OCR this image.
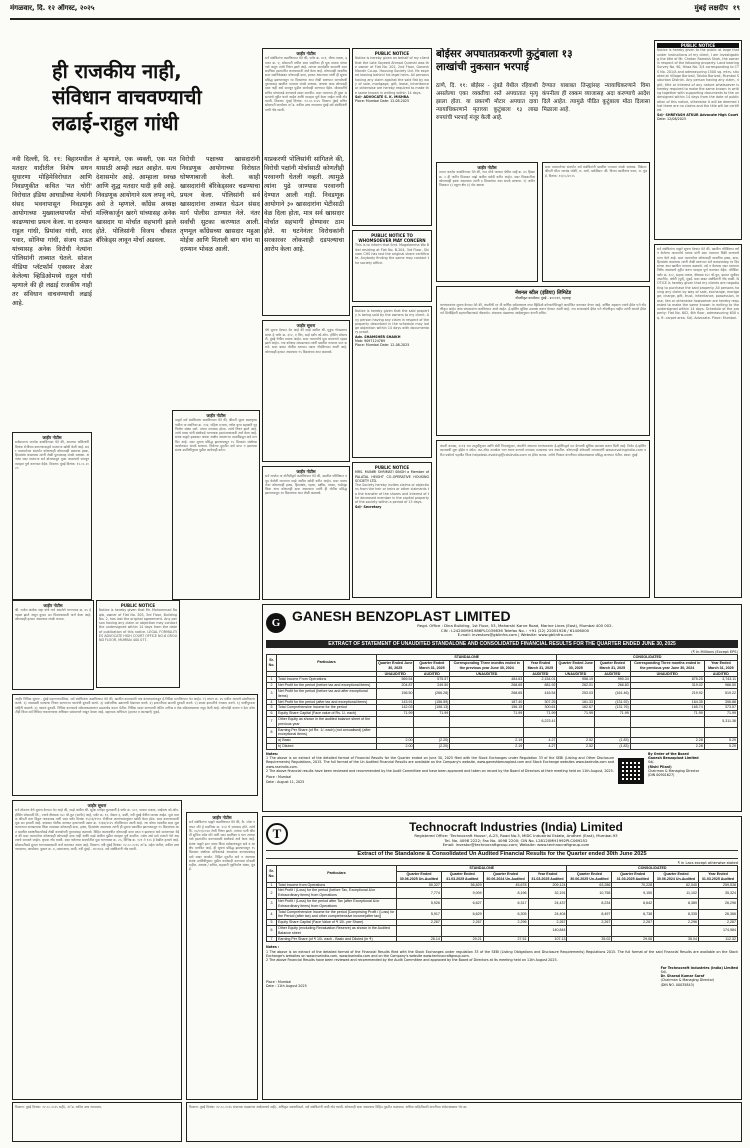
मंगळवार, दि. १२ ऑगस्ट, २०२५	मुंबई लक्षदीप १९
ही राजकीय नाही,
संविधान वाचवण्याची
लढाई-राहुल गांधी
नवी दिल्ली, दि. ११: बिहारमधील मतदार यादीतील विशेष सघन सुधारणा मोहिमेविरोधात आणि निवडणुकीत कथित 'मत चोरी' विरोधात इंडिया आघाडीच्या नेत्यांनी संसद भवनापासून निवडणूक आयोगाच्या मुख्यालयापर्यंत मोर्चा काढण्याचा प्रयत्न केला. या दरम्यान राहुल गांधी, प्रियांका गांधी, शरद पवार, सोनिया गांधी, संजय राऊत यांच्यासह अनेक विरोधी नेत्यांना पोलिसांनी ताब्यात घेतले. सोशल मीडिया प्लॅटफॉर्म एक्सवर शेअर केलेल्या व्हिडिओमध्ये राहुल गांधी म्हणाले की ही लढाई राजकीय नाही तर संविधान वाचवण्याची लढाई आहे.
ते म्हणाले, एक व्यक्ती, एक मत यासाठी आम्ही लढत आहोत. सत्य देशासमोर आहे. आम्हाला स्वच्छ आणि शुद्ध मतदार यादी हवी आहे. निवडणूक आयोगाने सत्य लपवू नये, असे ते म्हणाले. काँग्रेस अध्यक्ष मल्लिकार्जुन खरगे यांच्यासह अनेक खासदार या मोर्चात सहभागी झाले होते. पोलिसांनी विजय चौकात बॅरिकेड्स लावून मोर्चा अडवला.
विरोधी पक्षाच्या खासदारांनी निवडणूक आयोगाच्या विरोधात घोषणाबाजी केली. काही खासदारांनी बॅरिकेड्सवर चढण्याचा प्रयत्न केला. पोलिसांनी सर्व खासदारांना ताब्यात घेऊन संसद मार्ग पोलीस ठाण्यात नेले. नंतर सर्वांची सुटका करण्यात आली. तृणमूल काँग्रेसच्या खासदार महुआ मोईत्रा आणि मिताली बाग यांना या दरम्यान भोवळ आली.
याप्रकरणी पोलिसांनी सांगितले की, विरोधी पक्षांनी मोर्चासाठी कोणतीही परवानगी घेतली नव्हती. त्यामुळे त्यांना पुढे जाण्यास परवानगी देण्यात आली नाही. निवडणूक आयोगाने ३० खासदारांना भेटीसाठी वेळ दिला होता, मात्र सर्व खासदार मोर्चात सहभागी होण्यावर ठाम होते. या घटनेनंतर विरोधकांनी सरकारवर लोकशाही दडपल्याचा आरोप केला आहे.
जाहीर नोटीस
सर्व संबंधितांना कळविण्यात येते की, फ्लॅट क्र. ४०१, चौथा मजला, इमारत क्र. ए, सोसायटी मधील सदर सदनिका ही मूळ मालक यांच्या नावे असून त्यांचे निधन झाले आहे. त्यांच्या कायदेशीर वारसांनी सदर सदनिका हस्तांतरित करण्यासाठी अर्ज केला आहे. कोणत्याही व्यक्तीस सदर सदनिकेबाबत कोणताही दावा, हरकत असल्यास त्यांनी ही सूचना प्रसिद्ध झाल्यापासून १४ दिवसांच्या आत लेखी स्वरूपात कागदोपत्री पुराव्यासह खालील पत्त्यावर संपर्क साधावा. अन्यथा असा कोणताही दावा नाही असे समजून पुढील कार्यवाही करण्यात येईल. सोसायटीचे सचिव यांच्याकडे कागदपत्रे सादर करावीत. सदर मालमत्ता ही मुक्त असल्याचे गृहीत धरले जाईल आणि व्यवहार पूर्ण केला जाईल याची नोंद घ्यावी. ठिकाण: मुंबई दिनांक: १२.०८.२०२५ ठिकाण मुंबई सचिव सोसायटी कार्यालय अॅड. वकील उच्च न्यायालय मुंबई सर्व संबंधितांनी याची नोंद घ्यावी.
जाहीर सूचना
येथे सूचना देण्यात येत आहे की माझे अशील श्री. मुकुंद गोपाळराव बापट हे फ्लॅट क्र. ३०२, ए विंग, साई दर्शन को-ऑप. हौसिंग सोसायटी, मुंबई येथील मालक आहेत. सदर मालमत्तेचे मूळ करारनामे गहाळ झाले आहेत. ज्या कोणास सापडल्यास त्यांनी खालील पत्त्यावर परत करावे. सदर बाबत पोलीस ठाण्यात तक्रार नोंदविण्यात आली आहे. कोणासही हरकत असल्यास १५ दिवसांच्या आत कळवावे.
जाहीर नोटीस
सर्व जनतेस या नोटीसीद्वारे कळविण्यात येते की, खालील परिशिष्टात नमूद केलेली मालमत्ता माझे अशील खरेदी करीत आहेत. सदर मालमत्तेवर कोणाचाही हक्क, हितसंबंध, गहाण, बक्षीस, वारसा, भाडेपट्टा किंवा अन्य कोणताही दावा असल्यास त्यांनी ही नोटीस प्रसिद्ध झाल्यापासून १४ दिवसांच्या आत लेखी कळवावे.
जाहीर नोटीस
याद्वारे सर्व संबंधितांना कळविण्यात येते की, श्रीमती सुमन बाळकृष्ण पाटील या सदनिका क्र. १०४, पहिला मजला, गणेश कृपा सहकारी गृहनिर्माण संस्था मर्या. यांच्या सभासद होत्या. त्यांचे निधन झाले आहे. त्यांचे वारस यांनी संस्थेकडे भागपत्रक हस्तांतरणासाठी अर्ज केला आहे. संस्था याद्वारे हक्कदार अथवा आक्षेप असणाऱ्या व्यक्तींकडून दावे मागवित आहे. सदर सूचना प्रसिद्ध झाल्यापासून १५ दिवसांत संस्थेच्या कार्यालयात संपर्क साधावा. दिलेल्या मुदतीत दावे प्राप्त न झाल्यास संस्था उपविधीनुसार पुढील कार्यवाही करेल.
PUBLIC NOTICE
Notice is hereby given that Mr. Mohammad Raqib, owner of Flat No. 305, 3rd Floor, Building No. 2, has lost the original agreement. Any person having any claim or objection may contact the undersigned within 14 days from the date of publication of this notice. LEGAL FORMALITIES ADVOCATE HIGH COURT OFFICE NO.6 GROUND FLOOR, MUMBAI 400 077.
जाहीर नोटीस
सर्वसामान्य जनतेस कळविण्यात येते की, आमच्या अशिलांनी दिनांक रोजीच्या करारनाम्याद्वारे मालमत्ता खरेदी केली आहे. सदर मालमत्तेच्या संदर्भात कोणाचाही कोणत्याही प्रकारचा हक्क, हितसंबंध असल्यास त्यांनी लेखी पुराव्यासह संपर्क साधावा. अन्यथा सदर मालमत्ता सर्व बोजापासून मुक्त असल्याचे समजून व्यवहार पूर्ण करण्यात येईल. ठिकाण: मुंबई दिनांक: १२.०८.२०२५
जाहीर नोटीस
श्री. राजेश अशोक शहा यांचे नावे असलेले भागपत्रक क्र. ४५ हे गहाळ झाले असून दुय्यम प्रत मिळण्यासाठी अर्ज केला आहे. कोणासही हरकत असल्यास संपर्क करावा.
PUBLIC NOTICE
Notice is hereby given on behalf of my client that the Late Sayeed Ahmad Qureshi was the owner of Flat No. 201, 2nd Floor, Ganesh Mandir Co-op. Housing Society Ltd. He expired leaving behind his legal heirs. All persons having any claim against the said flat by way of sale, mortgage, gift, lease, inheritance or otherwise are hereby required to make the same known in writing within 14 days.
Sd/- ADVOCATE S. K. MISHRA
Place: Mumbai Date: 12.08.2025
PUBLIC NOTICE TO WHOMSOEVER MAY CONCERN
This is to inform that Smt. Mogalamma Wo Bikel residing at Flat No. B-204, 3rd Floor, Shivam CHS has lost the original share certificate. Anybody finding the same may contact the society office.
Notice is hereby given that the said property is being sold by the owners to my client. Any person having any claim in respect of the property described in the schedule may lodge objection within 14 days with documentary proof.
Adv. SHAMSHER SHAIKH
Mob: 9097124769
Place: Mumbai Date: 12-08-2025
PUBLIC NOTICE
MRS. MUNMI SHRIMATI SINGH a Member of PALATAL HEIGHT CO-OPERATIVE HOUSING SOCIETY LTD.
The Society hereby invites claims or objections from the heir or heirs or other claimants to the transfer of the shares and interest of the deceased member in the capital property of the society within a period of 15 days.
Sd/- Secretary
बोईसर अपघातप्रकरणी कुटुंबाला १३
लाखांची नुकसान भरपाई
ठाणे, दि. ११: बोईसर - तुंबडे येथील रहिवाशी असलेल्या एका व्यक्तीचा रस्ते अपघातात मृत्यू झाला होता. या प्रकरणी मोटार अपघात दावा न्यायाधिकरणाने मृताच्या कुटुंबाला १३ लाख रुपयांची भरपाई मंजूर केली आहे.
देण्यात याबाबत तिन्ह्यांसह न्यायाधिकरणाने विमा कंपनीला ही रक्कम व्याजासह अदा करण्याचे आदेश दिले आहेत. त्यामुळे पीडित कुटुंबाला मोठा दिलासा मिळाला आहे.
जाहीर नोटीस
तमाम जनतेस कळविण्यात येते की, गाव मौजे पालघर येथील सर्व्हे क्र. ४५ हिस्सा क्र. २ ही जमीन मिळकत माझे अशील खरेदी करीत आहेत. सदर मिळकतीवर कोणाचाही हक्क असल्यास त्यांनी ७ दिवसांच्या आत संपर्क साधावा. १) जमीन मिळकत २) एकूण क्षेत्र ३) पोट खराबा
सदर मालमत्तेच्या संदर्भात सर्व संबंधितांनी खालील पत्त्यावर संपर्क साधावा. विक्रेता: श्रीमती सीता रामचंद्र जोशी, रा. ठाणे. खरेदीदार: श्री. विजय काशीनाथ पवार, रा. मुंबई. दिनांक: १२/०८/२०२५
नॅशनल स्टील (इंडिया) लिमिटेड
नोंदणीकृत कार्यालय: मुंबई - ४०००२१, महाराष्ट्र
भागधारकांना सूचना देण्यात येते की, कंपनीची ४१ वी वार्षिक सर्वसाधारण सभा व्हिडिओ कॉन्फरन्सिंगद्वारे आयोजित करण्यात येणार आहे. वार्षिक अहवाल ज्यांचे ईमेल पत्ते नोंदणीकृत आहेत अशा सभासदांना पाठविण्यात आले आहेत. ई-व्होटिंग सुविधा उपलब्ध करून देण्यात आली आहे. ज्या सभासदांचे ईमेल पत्ते नोंदणीकृत नाहीत त्यांनी आपले ईमेल पत्ते डिपॉझिटरी सहभागीदाराकडे नोंदवावेत. संचालक मंडळाच्या आदेशानुसार कंपनी सचिव.
कंपनी कायदा, २०१३ च्या तरतुदींनुसार आणि सेबी नियमांनुसार, कंपनीने आपल्या भागधारकांना ई-व्होटिंगद्वारे मत देण्याची सुविधा उपलब्ध करून दिली आहे. रिमोट ई-व्होटिंग कालावधी सुरू होईल व संपेल. कट-ऑफ तारखेला भाग धारण करणारे सभासद मतदानास पात्र असतील. कोणत्याही शंकेसाठी सभासदांनी www.evotingindia.com वरील प्रश्नोत्तरे पहावीत किंवा helpdesk.evoting@cdslindia.com वर ईमेल करावा. सभेचे निकाल कंपनीच्या संकेतस्थळावर प्रसिद्ध करण्यात येतील. स्थळ: मुंबई
PUBLIC NOTICE
Notice is hereby given to the public at large that under instructions of my client, I am investigating the title of Mr. Chetan Ramesh Shah, the owner in respect of the following property: Land bearing Survey No. 90, Hissa No. 3/4 corresponding to CTS No. 201/A and admeasuring 1500 sq. mtrs. situated at Village Borivali, Taluka Borivali, Mumbai Suburban District. Any person having any claim, right, title or interest of any nature whatsoever is hereby required to make the same known in writing together with supporting documents to the undersigned within 14 days from the date of publication of this notice, otherwise it will be deemed that there are no claims and the title will be certified.
Sd/- SHREYASH ATKUR Advocate High Court
Date: 12/08/2025
सर्व संबंधितांना याद्वारे सूचना देण्यात येते की, खालील परिशिष्टात वर्णन केलेल्या मालमत्तेचे मालक यांनी सदर मालमत्ता विक्री करण्याचे मान्य केले आहे. सदर मालमत्तेवर कोणत्याही व्यक्तीचा हक्क, दावा, हितसंबंध असल्यास त्यांनी लेखी स्वरूपात सर्व कागदपत्रांसह १४ दिवसांच्या आत खालील पत्त्यावर कळवावे. तसे न केल्यास सदर मालमत्ता निर्वेध असल्याचे गृहीत धरून व्यवहार पूर्ण करण्यात येईल. परिशिष्ट: फ्लॅट क्र. ६०२, सहावा मजला, क्षेत्रफळ ६५० चौ.फूट, इमारत सूर्योदय अपार्टमेंट, अंधेरी (पूर्व), मुंबई. सदर बाबत संबंधितांनी नोंद घ्यावी. NOTICE is hereby given that my clients are negotiating to purchase the said property. All persons having any claim by way of sale, exchange, mortgage, charge, gift, trust, inheritance, possession, lease, lien or otherwise howsoever are hereby requested to make the same known in writing to the undersigned within 14 days. Schedule of the property: Flat No. 602, 6th floor, admeasuring 650 sq. ft. carpet area. Sd/- Advocate. Place: Mumbai.
G GANESH BENZOPLAST LIMITED
Regd. Office : Dina Building, 1st Floor, 53, Maharshi Karve Road, Marine Lines (East), Mumbai 400 002.
CIN : L24200MH1986PLC039836 Telefax No. : +91 (22) 22001928 / 61406000
E-mail: investors@gblinfra.com | Website: www.gblinfra.com
EXTRACT OF STATEMENT OF UNAUDITED STANDALONE AND CONSOLIDATED FINANCIAL RESULTS FOR THE QUARTER ENDED JUNE 30, 2025
(₹ In Millions (Except EPS)
Sr. No.	Particulars	STANDALONE				CONSOLIDATED			
		Quarter Ended June 30, 2025	Quarter Ended March 31, 2025	Corresponding Three months ended in the previous year June 30, 2024	Year Ended March 31, 2025	Quarter Ended June 30, 2025	Quarter Ended March 31, 2025	Corresponding Three months ended in the previous year June 30, 2024	Year Ended March 31, 2025
		UNAUDITED	AUDITED	UNAUDITED	AUDITED	UNAUDITED	AUDITED	UNAUDITED	AUDITED
1	Total Income From Operations	569.54	575.57	484.63	2,154.01	956.19	990.34	875.25	3,743.11
2	Net Profit for the period (before tax and exceptional items)	204.87	249.50	268.65	881.92	262.01	266.83	319.02	966.50
3	Net Profit for the period (before tax and after exceptional items)	156.50	(266.28)	268.65	416.54	253.03	(161.46)	219.92	519.22
4	Net Profit for the period (after tax and exceptional items)	143.91	(156.59)	187.40	307.25	161.33	(131.92)	164.35	396.88
5	Total Comprehensive Income for the period	142.03	(158.13)	156.15	300.61	162.67	(131.76)	165.74	373.57
6	Equity Share Capital (Face value of Rs. 1/- each)	71.99	71.99	71.99	71.99	71.99	71.99	71.99	71.99
7	Other Equity as shown in the audited balance sheet of the previous year				6,223.41				5,311.36
8	Earning Per Share (of Re. 1/- each) (not annualised) (after exceptional items)								
	a) Basic	2.00	(2.20)	2.19	4.27	2.52	(1.83)	2.28	5.29
	b) Diluted	2.00	(2.20)	2.19	4.27	2.52	(1.83)	2.28	5.29
Notes:
1 The above is an extract of the detailed format of Financial Results for the Quarter ended on June 30, 2025 filed with the Stock Exchanges under Regulation 33 of the SEBI (Listing and Other Disclosure Requirements) Regulations, 2015. The full format of the Un Audited Financial Results are available on the Company's website, www.ganeshbenzoplast.com and Stock Exchange websites www.bseindia.com and www.nseindia.com.
2 The above financial results have been reviewed and recommended by the Audit Committee and have been approved and taken on record by the Board of Directors at their meeting held on 11th August, 2025.
Place : Mumbai
Date : August 11, 2025
By Order of the Board
Ganesh Benzoplast Limited
Sd/-
(Rishi Pilani)
Chairman & Managing Director
(DIN 00901627)
जाहीर निविदा सूचना - मुंबई महानगरपालिका. सर्व संबंधितांना कळविण्यात येते की, खालील कामासाठी पात्र कंत्राटदारांकडून ई-निविदा मागविण्यात येत आहेत. १) प्रभाग क्र. ४५ मधील रस्त्यांचे डांबरीकरण करणे. २) पावसाळी पाण्याचा निचरा करणाऱ्या गटारांची दुरुस्ती करणे. ३) सार्वजनिक उद्यानाची देखभाल करणे. ४) इमारतीच्या छताची दुरुस्ती करणे. ५) शाळा इमारतीचे रंगकाम करणे. ६) पाणीपुरवठा वाहिनी बदलणे. ७) पदपथ दुरुस्ती. निविदा कागदपत्रे संकेतस्थळावरून डाउनलोड करता येतील. निविदा सादर करण्याची अंतिम तारीख व वेळ संकेतस्थळावर नमूद केली आहे. कोणतेही कारण न देता कोणतीही किंवा सर्व निविदा नाकारण्याचा अधिकार प्रशासनाने राखून ठेवला आहे. सहाय्यक अभियंता (इमारत व कारखाने) मुंबई.
जाहीर सूचना
सर्व लोकांना येथे सूचना देण्यात येत आहे की, माझे अशील श्री. सुरेश मनोहर कुलकर्णी हे फ्लॅट क्र. ५०१, पाचवा मजला, साईनाथ को-ऑप. हौसिंग सोसायटी लि., ज्याचे क्षेत्रफळ ५५० चौ.फूट (कार्पेट) आहे, प्लॉट क्र. १२, सेक्टर ३, वाशी, नवी मुंबई येथील मालक आहेत. मूळ मालक श्रीमती लता विठ्ठल गायकवाड यांनी सदर फ्लॅट दिनांक १५/०३/१९९८ रोजीच्या करारनाम्यानुसार खरेदी केला होता. सदर करारनाम्याची मूळ प्रत हरवली आहे. याबाबत पोलीस ठाण्यात हरवल्याची तक्रार क्र. १२३४/२०२५ नोंदविण्यात आली आहे. जर कोणा व्यक्तीस सदर मूळ करारनामा सापडल्यास किंवा त्याबाबत कोणताही दावा, हक्क, हितसंबंध असल्यास त्यांनी ही सूचना प्रकाशित झाल्यापासून १५ दिवसांच्या आत खालील स्वाक्षरीकर्त्याकडे लेखी कागदोपत्री पुराव्यांसह कळवावे. विहित कालावधीत कोणताही दावा प्राप्त न झाल्यास असे समजण्यात येईल की सदर मालमत्तेवर कोणाचाही कोणताही दावा नाही आणि माझे अशील पुढील व्यवहार पूर्ण करतील. तसेच असे दावे त्यागले गेले असल्याचे समजले जाईल. कृपया नोंद घ्यावी. सदर फ्लॅटच्या संदर्भातील मूळ भागपत्रक क्र. २५, विभिन्न क्र. १२१ ते १२५ हे देखील हरवले आहे. सोसायटीकडे दुय्यम भागपत्रकासाठी अर्ज करण्यात आला आहे. ठिकाण: नवी मुंबई दिनांक: १२.०८.२०२५ अॅड. महेश पाटील, वकील उच्च न्यायालय, कार्यालय: दुकान क्र. ४, तळमजला, वाशी, नवी मुंबई - ४००७०३. सर्व संबंधितांनी नोंद घ्यावी.
जाहीर नोटीस
सर्व संबंधितांना याद्वारे कळविण्यात येते की, कै. रमेश गणपत मोरे हे सदनिका क्र. २०३ चे सभासद होते. त्यांचे दि. ०५/०१/२०२४ रोजी निधन झाले. त्यांच्या पत्नी श्रीमती सुनिता रमेश मोरे यांनी सदर सदनिका व भाग त्यांच्या नावे हस्तांतरित करण्यासाठी संस्थेकडे अर्ज केला आहे. संस्था याद्वारे इतर वारस किंवा दावेदारांकडून दावे व आक्षेप मागवित आहे. ही सूचना प्रसिद्ध झाल्यापासून १५ दिवसांत संस्थेच्या सचिवाकडे आवश्यक कागदपत्रांसह दावे सादर करावेत. विहित मुदतीत दावे न आल्यास संस्था उपविधीनुसार पुढील कार्यवाही करण्यास मोकळी राहील. अध्यक्ष / सचिव, सहकारी गृहनिर्माण संस्था, मुंबई.
T	Technocraft Industries (India) Limited
Registered Office: 'Technocraft House', A-25, Road No.3, MIDC Industrial Estate, Andheri (East), Mumbai-93
Tel. No. 4098 2222; Fax No. 4098 2200; CIN No. L28120MH1992PLC069252
Email: investor@technocraftgroup.com; Website: www.technocraftgroup.com
Extract of the Standalone & Consolidated Un Audited Financial Results for the Quarter ended 30th June 2025
₹ in Lacs except otherwise stated
Sr. No.	Particulars	STANDALONE				CONSOLIDATED			
		Quarter Ended 30.06.2025 Un-Audited	Quarter Ended 31.03.2025 Audited	Quarter Ended 30.06.2024 Un-Audited	Year Ended 31.03.2025 Audited	Quarter Ended 30.06.2025 Un-Audited	Quarter Ended 31.03.2025 Audited	Quarter Ended 30.06.2024 Un-Audited	Year Ended 31.03.2025 Audited
1	Total Income from Operations	50,327	56,829	45,678	209,124	63,286	70,228	62,040	259,538
2	Net Profit / (Loss) for the period (before Tax, Exceptional &/or Extraordinary items) from Operations	7,774	9,009	8,196	32,191	10,758	9,150	11,102	35,324
3	Net Profit / (Loss) for the period after Tax (after Exceptional &/or Extraordinary items) from Operations	5,926	6,627	6,317	24,437	8,234	6,642	8,389	26,296
4	Total Comprehensive Income for the period [Comprising Profit / (Loss) for the Period (after tax) and other comprehensive income(after tax)]	5,917	6,629	6,305	24,404	8,497	6,738	8,335	26,366
5	Equity Share Capital (Face Value of ₹ 10/- per Share)	2,267	2,267	2,296	2,267	2,267	2,267	2,296	2,267
6	Other Equity (excluding Revaluation Reserve) as shown in the Audited Balance sheet				140,844				174,984
7	Earning Per Share (of ₹ 10/- each - Basic and Diluted (in ₹)	26.14	29.21	27.51	107.13	35.02	29.06	35.04	112.32
Notes :
1 The above is an extract of the detailed format of the Financial Results filed with the Stock Exchanges under regulation 33 of the SEBI (Listing Obligations and Disclosure Requirements) Regulations 2015. The full format of the said Financial Results are available on the Stock Exchange's websites on www.nseindia.com, www.bseindia.com and on the Company's website www.technocraftgroup.com.
2 The above Financial Results have been reviewed and recommended by the Audit Committee and approved by the Board of Directors at its meeting held on 11th August 2025.
Place : Mumbai
Date : 11th August 2025
For Technocraft Industries (India) Limited
Sd/-
Dr. Sharad Kumar Saraf
(Chairman & Managing Director)
(DIN NO. 00035843)
ठिकाण: मुंबई दिनांक: १२.०८.२०२५ संचालक मंडळाच्या आदेशान्वये सही/- अधिकृत स्वाक्षरीकर्ता. सर्व संबंधितांनी याची नोंद घ्यावी. कोणताही दावा असल्यास विहित मुदतीत कळवावा. अधिक माहितीसाठी कंपनीच्या संकेतस्थळास भेट द्या.
ठिकाण: मुंबई दिनांक: १२.०८.२०२५ सही/- अॅड. वकील उच्च न्यायालय.
